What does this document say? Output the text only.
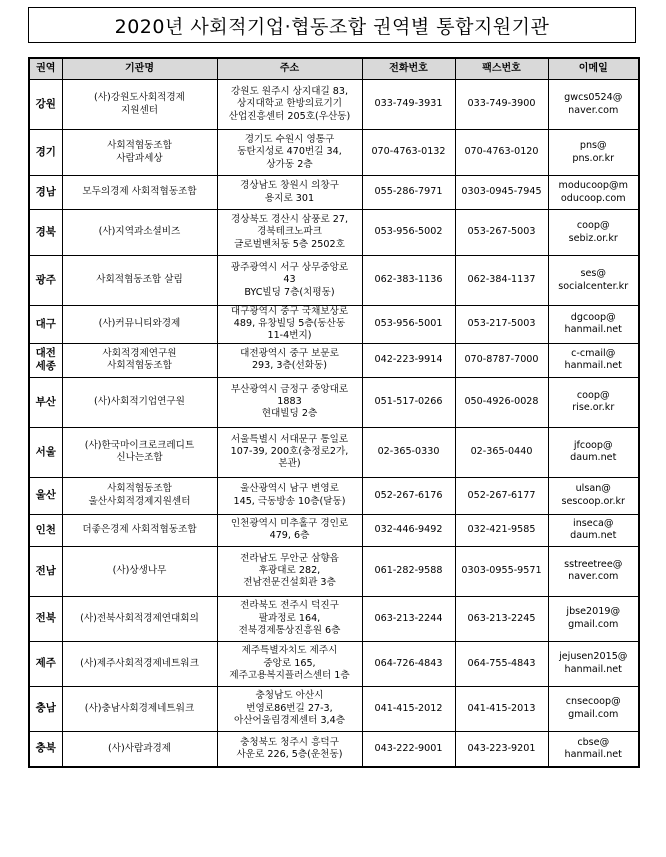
2020년 사회적기업·협동조합 권역별 통합지원기관
권역	기관명	주소	전화번호	팩스번호	이메일

강원	(사)강원도사회적경제
지원센터	강원도 원주시 상지대길 83,
상지대학교 한방의료기기
산업진흥센터 205호(우산동)	033-749-3931	033-749-3900	gwcs0524@
naver.com

경기	사회적협동조합
사람과세상	경기도 수원시 영통구
동탄지성로 470번길 34,
상가동 2층	070-4763-0132	070-4763-0120	pns@
pns.or.kr

경남	모두의경제 사회적협동조합	경상남도 창원시 의창구
용지로 301	055-286-7971	0303-0945-7945	moducoop@m
oducoop.com

경북	(사)지역과소셜비즈	경상북도 경산시 삼풍로 27,
경북테크노파크
글로벌벤처동 5층 2502호	053-956-5002	053-267-5003	coop@
sebiz.or.kr

광주	사회적협동조합 살림	광주광역시 서구 상무중앙로
43
BYC빌딩 7층(치평동)	062-383-1136	062-384-1137	ses@
socialcenter.kr

대구	(사)커뮤니티와경제	대구광역시 중구 국채보상로
489, 유창빌딩 5층(동산동
11-4번지)	053-956-5001	053-217-5003	dgcoop@
hanmail.net

대전
세종	사회적경제연구원
사회적협동조합	대전광역시 중구 보문로
293, 3층(선화동)	042-223-9914	070-8787-7000	c-cmail@
hanmail.net

부산	(사)사회적기업연구원	부산광역시 금정구 중앙대로
1883
현대빌딩 2층	051-517-0266	050-4926-0028	coop@
rise.or.kr

서울	(사)한국마이크로크레디트
신나는조합	서울특별시 서대문구 통일로
107-39, 200호(충정로2가,
본관)	02-365-0330	02-365-0440	jfcoop@
daum.net

울산	사회적협동조합
울산사회적경제지원센터	울산광역시 남구 변영로
145, 극동방송 10층(달동)	052-267-6176	052-267-6177	ulsan@
sescoop.or.kr

인천	더좋은경제 사회적협동조합	인천광역시 미추홀구 경인로
479, 6층	032-446-9492	032-421-9585	inseca@
daum.net

전남	(사)상생나무	전라남도 무안군 삼향읍
후광대로 282,
전남전문건설회관 3층	061-282-9588	0303-0955-9571	sstreetree@
naver.com

전북	(사)전북사회적경제연대회의	전라북도 전주시 덕진구
팔과정로 164,
전북경제통상진흥원 6층	063-213-2244	063-213-2245	jbse2019@
gmail.com

제주	(사)제주사회적경제네트워크	제주특별자치도 제주시
중앙로 165,
제주고용복지플러스센터 1층	064-726-4843	064-755-4843	jejusen2015@
hanmail.net

충남	(사)충남사회경제네트워크	충청남도 아산시
번영로86번길 27-3,
아산어울림경제센터 3,4층	041-415-2012	041-415-2013	cnsecoop@
gmail.com

충북	(사)사람과경제	충청북도 청주시 흥덕구
사운로 226, 5층(운천동)	043-222-9001	043-223-9201	cbse@
hanmail.net
